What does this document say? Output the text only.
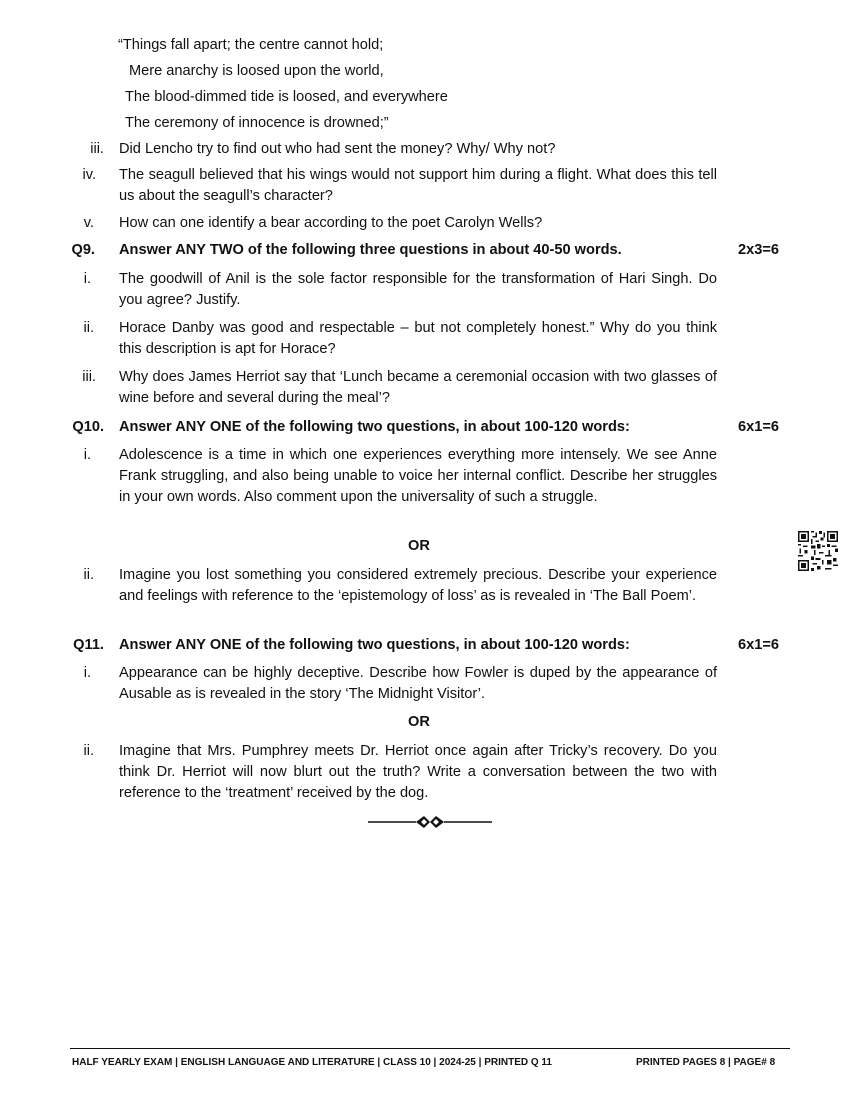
“Things fall apart; the centre cannot hold;
Mere anarchy is loosed upon the world,
The blood-dimmed tide is loosed, and everywhere
The ceremony of innocence is drowned;”
iii. Did Lencho try to find out who had sent the money? Why/ Why not?
iv. The seagull believed that his wings would not support him during a flight. What does this tell us about the seagull’s character?
v. How can one identify a bear according to the poet Carolyn Wells?
Q9. Answer ANY TWO of the following three questions in about 40-50 words.	2x3=6
i. The goodwill of Anil is the sole factor responsible for the transformation of Hari Singh. Do you agree? Justify.
ii. Horace Danby was good and respectable – but not completely honest.” Why do you think this description is apt for Horace?
iii. Why does James Herriot say that ‘Lunch became a ceremonial occasion with two glasses of wine before and several during the meal’?
Q10. Answer ANY ONE of the following two questions, in about 100-120 words:	6x1=6
i. Adolescence is a time in which one experiences everything more intensely. We see Anne Frank struggling, and also being unable to voice her internal conflict. Describe her struggles in your own words. Also comment upon the universality of such a struggle.
OR
ii. Imagine you lost something you considered extremely precious. Describe your experience and feelings with reference to the ‘epistemology of loss’ as is revealed in ‘The Ball Poem’.
Q11. Answer ANY ONE of the following two questions, in about 100-120 words:	6x1=6
i. Appearance can be highly deceptive. Describe how Fowler is duped by the appearance of Ausable as is revealed in the story ‘The Midnight Visitor’.
OR
ii. Imagine that Mrs. Pumphrey meets Dr. Herriot once again after Tricky’s recovery. Do you think Dr. Herriot will now blurt out the truth? Write a conversation between the two with reference to the ‘treatment’ received by the dog.
HALF YEARLY EXAM | ENGLISH LANGUAGE AND LITERATURE | CLASS 10 | 2024-25 | PRINTED Q 11	PRINTED PAGES 8 | PAGE# 8
